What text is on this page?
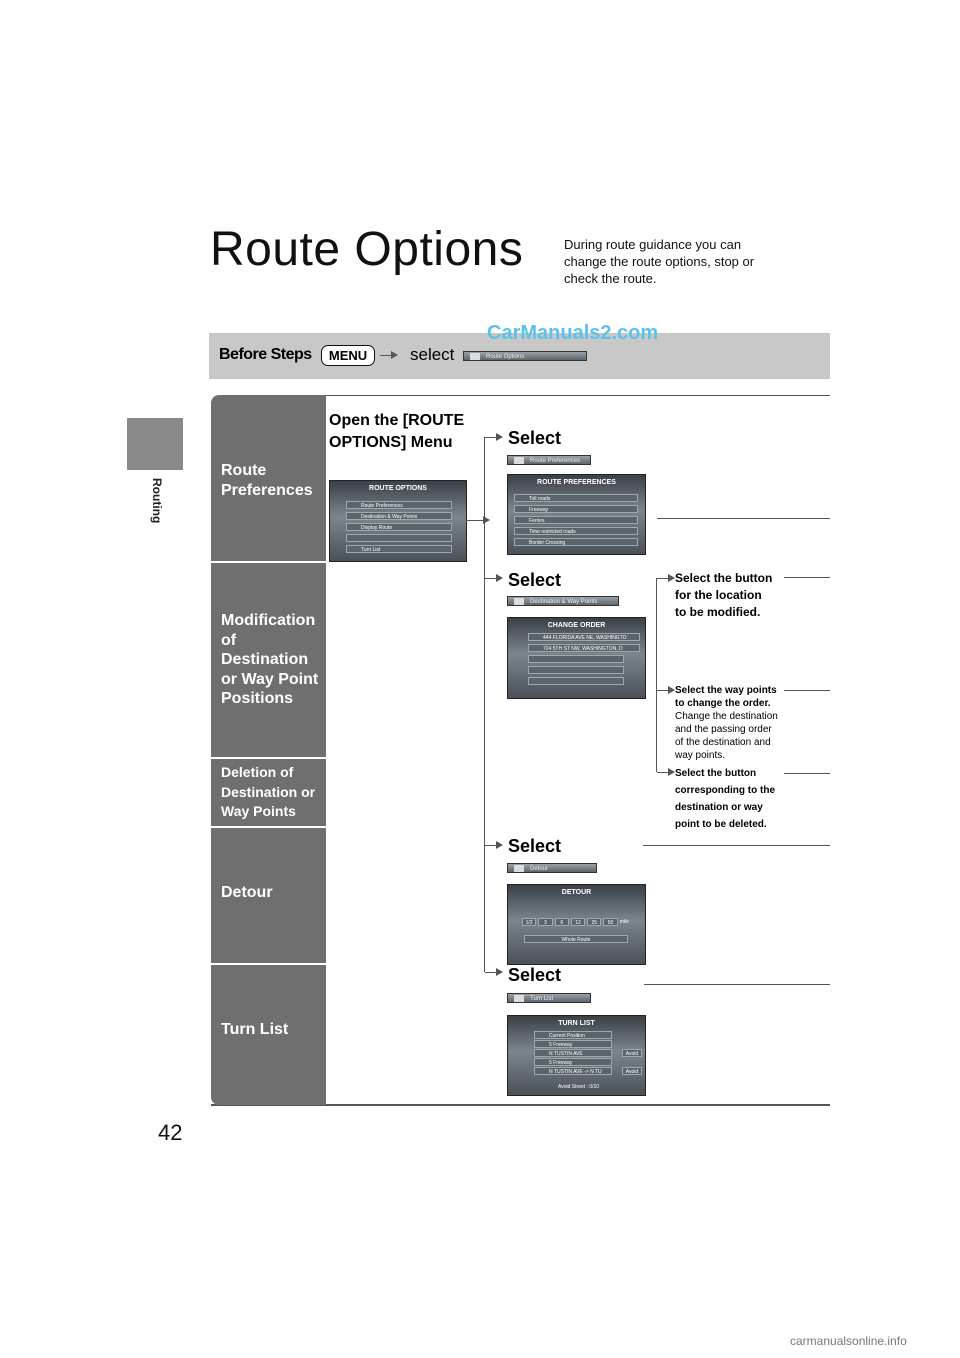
Routing
42
Route Options	During route guidance you can change the route options, stop or check the route.
Before Steps	MENU	select	Route Options
CarManuals2.com
Route Preferences
Modification of Destination or Way Point Positions
Deletion of Destination or Way Points
Detour
Turn List
Open the [ROUTE OPTIONS] Menu
ROUTE OPTIONS
Route Preferences
Destination & Way Points
Display Route
Turn List
Select
Route Preferences
ROUTE PREFERENCES
Toll roads
Freeway
Ferries
Time restricted roads
Border Crossing
Select
Destination & Way Points
CHANGE ORDER
444 FLORIDA AVE NE, WASHINGTO
724 5TH ST NW, WASHINGTON, D
Select the button for the location to be modified.
Select the way points to change the order.
Change the destination and the passing order of the destination and way points.
Select the button corresponding to the destination or way point to be deleted.
Select
Detour
DETOUR
1/2	3	6	12	25	50	mile
Whole Route
Select
Turn List
TURN LIST
Current Position
5 Freeway
N TUSTIN AVE
5 Freeway
N TUSTIN AVE -> N TU
Avoid
Avoid
Avoid Street : 0/10
carmanualsonline.info
